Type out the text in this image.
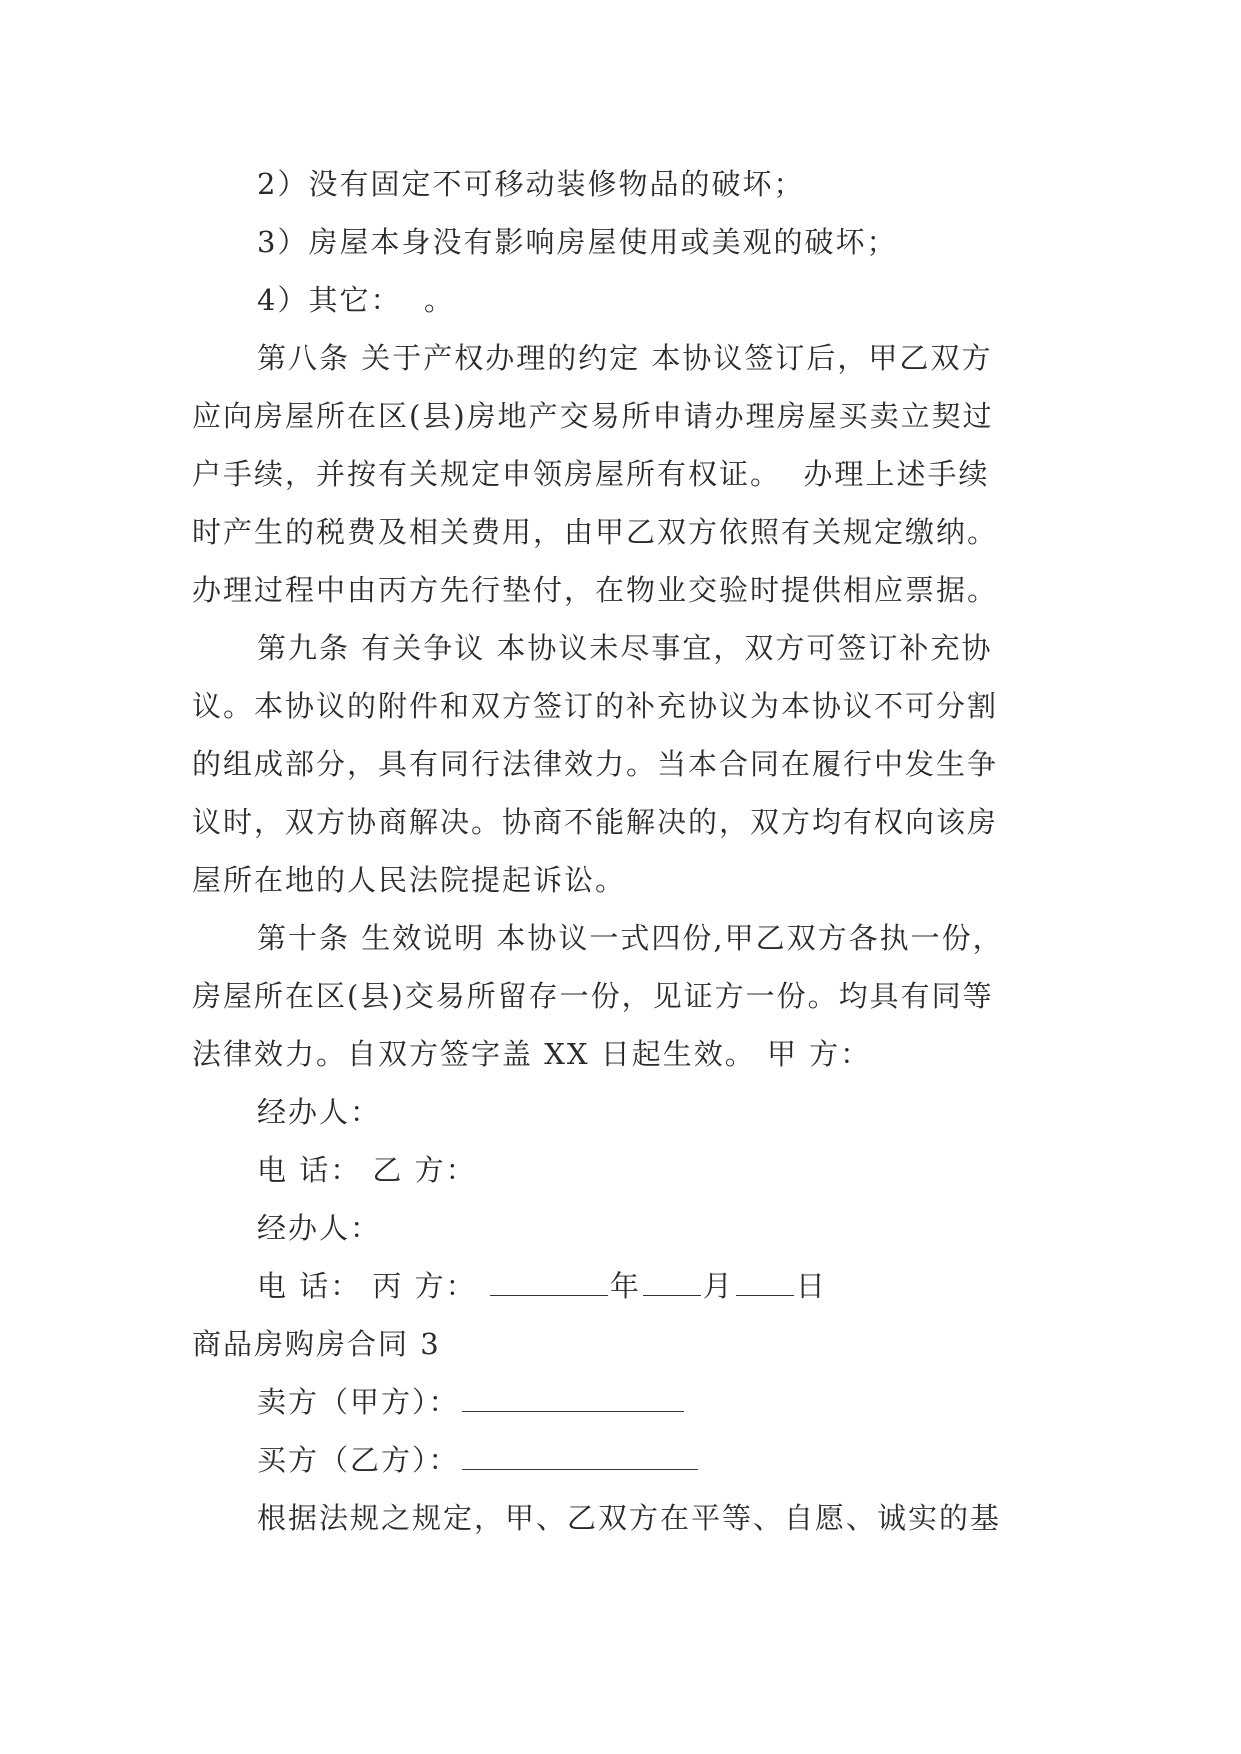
2）没有固定不可移动装修物品的破坏；
3）房屋本身没有影响房屋使用或美观的破坏；
4）其它：  。
第八条 关于产权办理的约定 本协议签订后，甲乙双方
应向房屋所在区(县)房地产交易所申请办理房屋买卖立契过
户手续，并按有关规定申领房屋所有权证。  办理上述手续
时产生的税费及相关费用，由甲乙双方依照有关规定缴纳。
办理过程中由丙方先行垫付，在物业交验时提供相应票据。
第九条 有关争议 本协议未尽事宜，双方可签订补充协
议。本协议的附件和双方签订的补充协议为本协议不可分割
的组成部分，具有同行法律效力。当本合同在履行中发生争
议时，双方协商解决。协商不能解决的，双方均有权向该房
屋所在地的人民法院提起诉讼。
第十条 生效说明 本协议一式四份,甲乙双方各执一份，
房屋所在区(县)交易所留存一份，见证方一份。均具有同等
法律效力。自双方签字盖 XX 日起生效。 甲 方：
经办人：
电 话： 乙 方：
经办人：
电 话： 丙 方：	年 月 日
商品房购房合同 3
卖方（甲方）：
买方（乙方）：
根据法规之规定，甲、乙双方在平等、自愿、诚实的基
